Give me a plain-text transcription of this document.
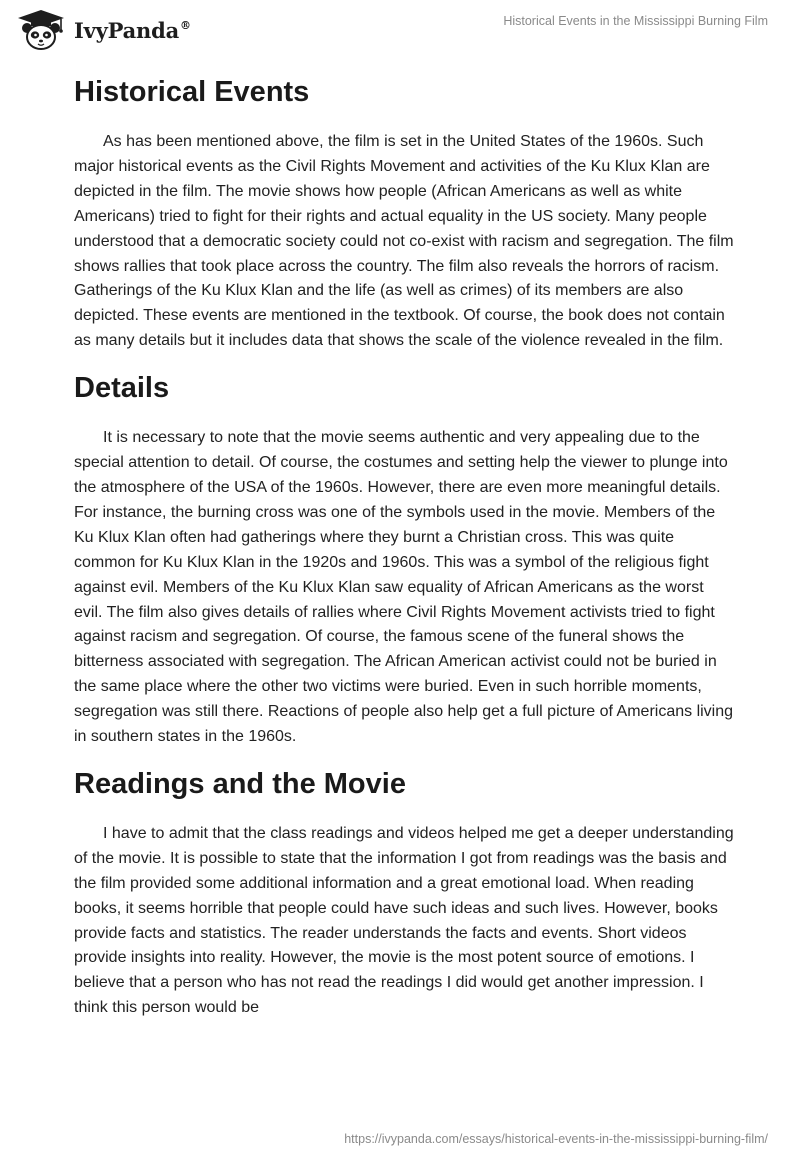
IvyPanda®	Historical Events in the Mississippi Burning Film
Historical Events

As has been mentioned above, the film is set in the United States of the 1960s. Such major historical events as the Civil Rights Movement and activities of the Ku Klux Klan are depicted in the film. The movie shows how people (African Americans as well as white Americans) tried to fight for their rights and actual equality in the US society. Many people understood that a democratic society could not co-exist with racism and segregation. The film shows rallies that took place across the country. The film also reveals the horrors of racism. Gatherings of the Ku Klux Klan and the life (as well as crimes) of its members are also depicted. These events are mentioned in the textbook. Of course, the book does not contain as many details but it includes data that shows the scale of the violence revealed in the film.

Details

It is necessary to note that the movie seems authentic and very appealing due to the special attention to detail. Of course, the costumes and setting help the viewer to plunge into the atmosphere of the USA of the 1960s. However, there are even more meaningful details. For instance, the burning cross was one of the symbols used in the movie. Members of the Ku Klux Klan often had gatherings where they burnt a Christian cross. This was quite common for Ku Klux Klan in the 1920s and 1960s. This was a symbol of the religious fight against evil. Members of the Ku Klux Klan saw equality of African Americans as the worst evil. The film also gives details of rallies where Civil Rights Movement activists tried to fight against racism and segregation. Of course, the famous scene of the funeral shows the bitterness associated with segregation. The African American activist could not be buried in the same place where the other two victims were buried. Even in such horrible moments, segregation was still there. Reactions of people also help get a full picture of Americans living in southern states in the 1960s.

Readings and the Movie

I have to admit that the class readings and videos helped me get a deeper understanding of the movie. It is possible to state that the information I got from readings was the basis and the film provided some additional information and a great emotional load. When reading books, it seems horrible that people could have such ideas and such lives. However, books provide facts and statistics. The reader understands the facts and events. Short videos provide insights into reality. However, the movie is the most potent source of emotions. I believe that a person who has not read the readings I did would get another impression. I think this person would be

https://ivypanda.com/essays/historical-events-in-the-mississippi-burning-film/
